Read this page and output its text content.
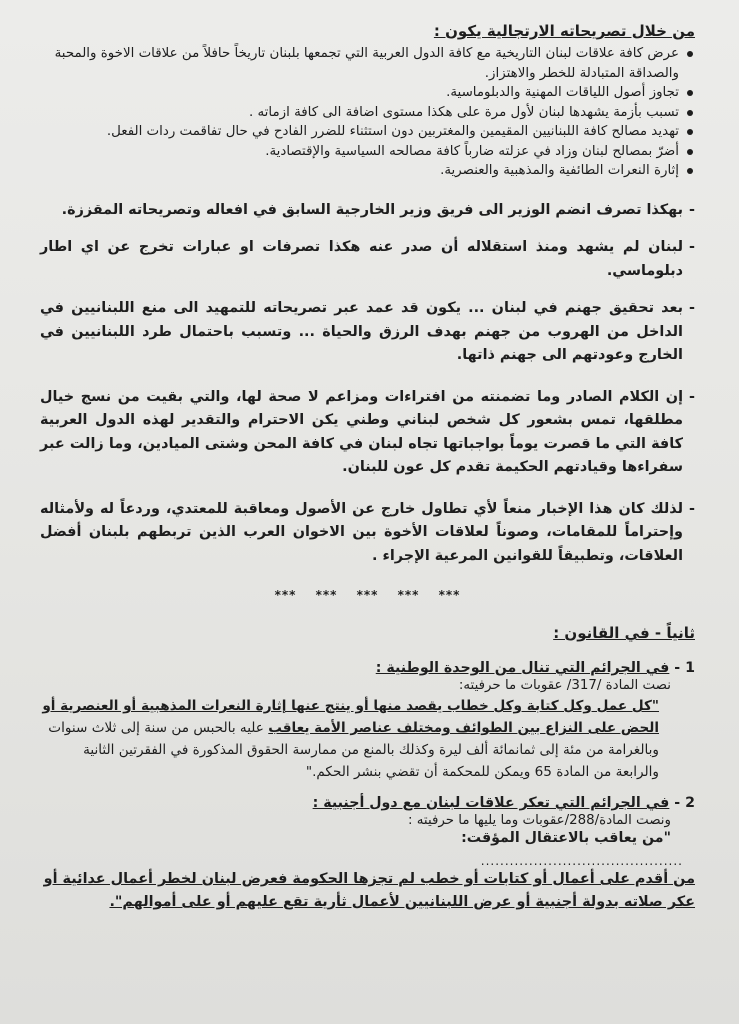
من خلال تصريحاته الارتجالية يكون :

عرض كافة علاقات لبنان التاريخية مع كافة الدول العربية التي تجمعها بلبنان تاريخاً حافلاً من علاقات الاخوة والمحبة والصداقة المتبادلة للخطر والاهتزاز.
تجاوز أصول اللياقات المهنية والدبلوماسية.
تسبب بأزمة يشهدها لبنان لأول مرة على هكذا مستوى اضافة الى كافة ازماته .
تهديد مصالح كافة اللبنانيين المقيمين والمغتربين دون استثناء للضرر الفادح في حال تفاقمت ردات الفعل.
أضرّ بمصالح لبنان وزاد في عزلته ضارباً كافة مصالحه السياسية والإقتصادية.
إثارة النعرات الطائفية والمذهبية والعنصرية.

-
بهكذا تصرف انضم الوزير الى فريق وزير الخارجية السابق في افعاله وتصريحاته المقززة.

-
لبنان لم يشهد ومنذ استقلاله أن صدر عنه هكذا تصرفات او عبارات تخرج عن اي اطار دبلوماسي.

-
بعد تحقيق جهنم في لبنان ... يكون قد عمد عبر تصريحاته للتمهيد الى منع اللبنانيين في الداخل من الهروب من جهنم بهدف الرزق والحياة ... وتسبب باحتمال طرد اللبنانيين في الخارج وعودتهم الى جهنم ذاتها.

-
إن الكلام الصادر وما تضمنته من افتراءات ومزاعم لا صحة لها، والتي بقيت من نسج خيال مطلقها، تمس بشعور كل شخص لبناني وطني يكن الاحترام والتقدير لهذه الدول العربية كافة التي ما قصرت يوماً بواجباتها تجاه لبنان في كافة المحن وشتى الميادين، وما زالت عبر سفراءها وقيادتهم الحكيمة تقدم كل عون للبنان.

-
لذلك كان هذا الإخبار منعاً لأي تطاول خارج عن الأصول ومعاقبة للمعتدي، وردعاً له ولأمثاله وإحتراماً للمقامات، وصوناً لعلاقات الأخوة بين الاخوان العرب الذين تربطهم بلبنان أفضل العلاقات، وتطبيقاً للقوانين المرعية الإجراء .

*** *** *** *** ***

ثانياً - في القانون :

1 - في الجرائم التي تنال من الوحدة الوطنية :

نصت المادة /317/ عقوبات ما حرفيته:

"كل عمل وكل كتابة وكل خطاب يقصد منها أو ينتج عنها إثارة النعرات المذهبية أو العنصرية أو الحض على النزاع بين الطوائف ومختلف عناصر الأمة يعاقب عليه بالحبس من سنة إلى ثلاث سنوات وبالغرامة من مئة إلى ثمانمائة ألف ليرة وكذلك بالمنع من ممارسة الحقوق المذكورة في الفقرتين الثانية والرابعة من المادة 65 ويمكن للمحكمة أن تقضي بنشر الحكم."

2 - في الجرائم التي تعكر علاقات لبنان مع دول أجنبية :

ونصت المادة/288/عقوبات وما يليها ما حرفيته :

"من يعاقب بالاعتقال المؤقت:

..........................................

من أقدم على أعمال أو كتابات أو خطب لم تجزها الحكومة فعرض لبنان لخطر أعمال عدائية أو عكر صلاته بدولة أجنبية أو عرض اللبنانيين لأعمال ثأرية تقع عليهم أو على أموالهم".
